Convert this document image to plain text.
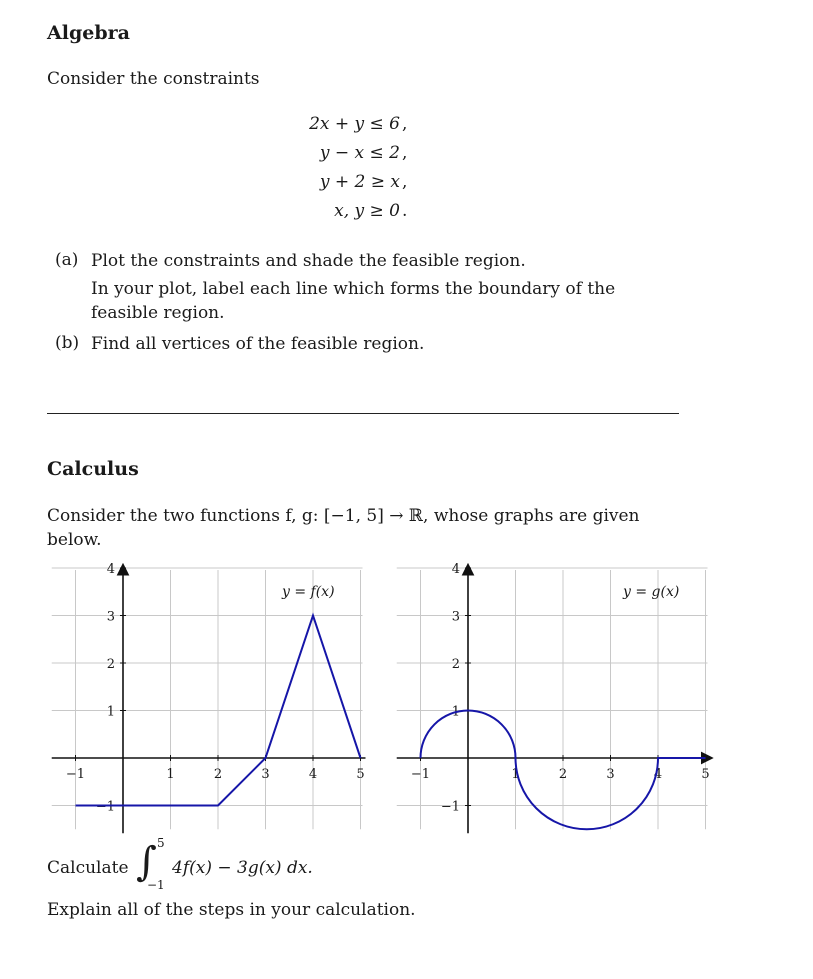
Algebra
Consider the constraints
2x + y ≤ 6 ,
y − x ≤ 2 ,
y + 2 ≥ x ,
x, y ≥ 0 .
(a) Plot the constraints and shade the feasible region.
In your plot, label each line which forms the boundary of the
feasible region.
(b) Find all vertices of the feasible region.
Calculus
Consider the two functions f, g: [−1, 5] → ℝ, whose graphs are given
below.
−1	1	2	3	4	5
4
3
2
1
−1
y = f(x)
−1	1	2	3	4	5
4
3
2
1
−1
y = g(x)
Calculate ∫ 5
−1
4f(x) − 3g(x) dx.
Explain all of the steps in your calculation.
